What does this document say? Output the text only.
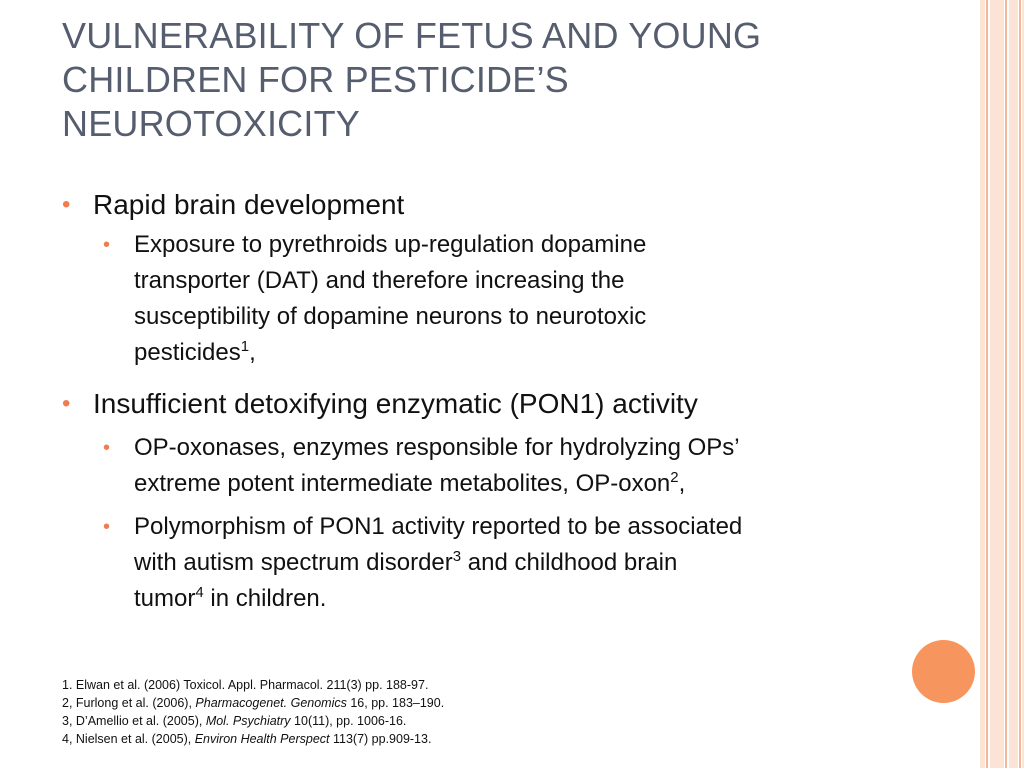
VULNERABILITY OF FETUS AND YOUNG
CHILDREN FOR PESTICIDE’S
NEUROTOXICITY
• Rapid brain development
• Exposure to pyrethroids up-regulation dopamine
transporter (DAT) and therefore increasing the
susceptibility of dopamine neurons to neurotoxic
pesticides$^1$,
• Insufficient detoxifying enzymatic (PON1) activity
• OP-oxonases, enzymes responsible for hydrolyzing OPs’
extreme potent intermediate metabolites, OP-oxon$^2$,
• Polymorphism of PON1 activity reported to be associated
with autism spectrum disorder$^3$ and childhood brain
tumor$^4$ in children.
1. Elwan et al. (2006) Toxicol. Appl. Pharmacol. 211(3) pp. 188-97.
2, Furlong et al. (2006), Pharmacogenet. Genomics 16, pp. 183–190.
3, D’Amellio et al. (2005), Mol. Psychiatry 10(11), pp. 1006-16.
4, Nielsen et al. (2005), Environ Health Perspect 113(7) pp.909-13.
